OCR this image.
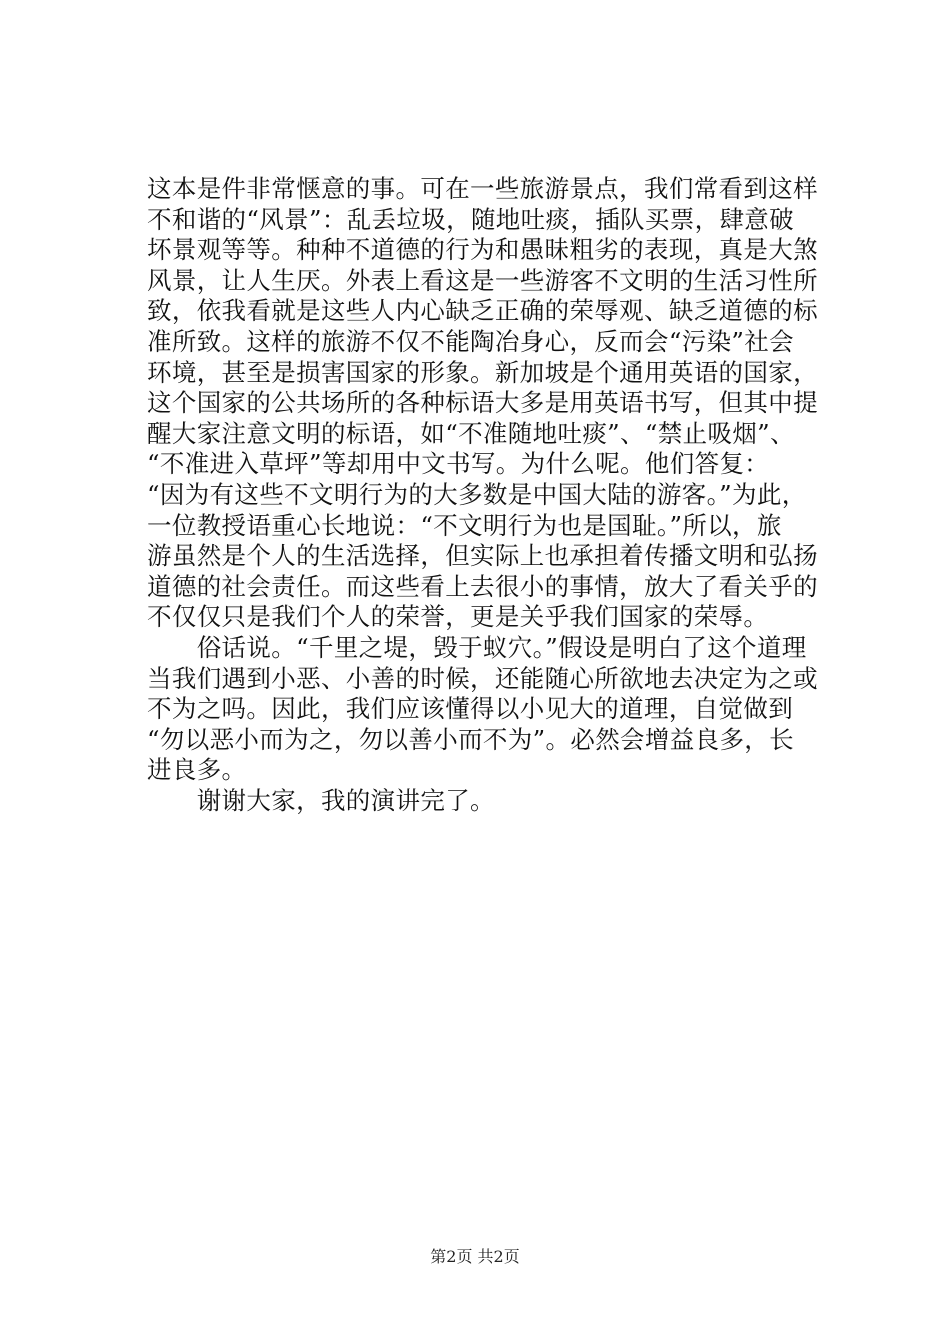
这本是件非常惬意的事。可在一些旅游景点，我们常看到这样
不和谐的“风景”：乱丢垃圾，随地吐痰，插队买票，肆意破
坏景观等等。种种不道德的行为和愚昧粗劣的表现，真是大煞
风景，让人生厌。外表上看这是一些游客不文明的生活习性所
致，依我看就是这些人内心缺乏正确的荣辱观、缺乏道德的标
准所致。这样的旅游不仅不能陶冶身心，反而会“污染”社会
环境，甚至是损害国家的形象。新加坡是个通用英语的国家，
这个国家的公共场所的各种标语大多是用英语书写，但其中提
醒大家注意文明的标语，如“不准随地吐痰”、“禁止吸烟”、
“不准进入草坪”等却用中文书写。为什么呢。他们答复：
“因为有这些不文明行为的大多数是中国大陆的游客。”为此，
一位教授语重心长地说：“不文明行为也是国耻。”所以，旅
游虽然是个人的生活选择，但实际上也承担着传播文明和弘扬
道德的社会责任。而这些看上去很小的事情，放大了看关乎的
不仅仅只是我们个人的荣誉，更是关乎我们国家的荣辱。
　　俗话说。“千里之堤，毁于蚁穴。”假设是明白了这个道理
当我们遇到小恶、小善的时候，还能随心所欲地去决定为之或
不为之吗。因此，我们应该懂得以小见大的道理，自觉做到
“勿以恶小而为之，勿以善小而不为”。必然会增益良多，长
进良多。
　　谢谢大家，我的演讲完了。
第2页 共2页
